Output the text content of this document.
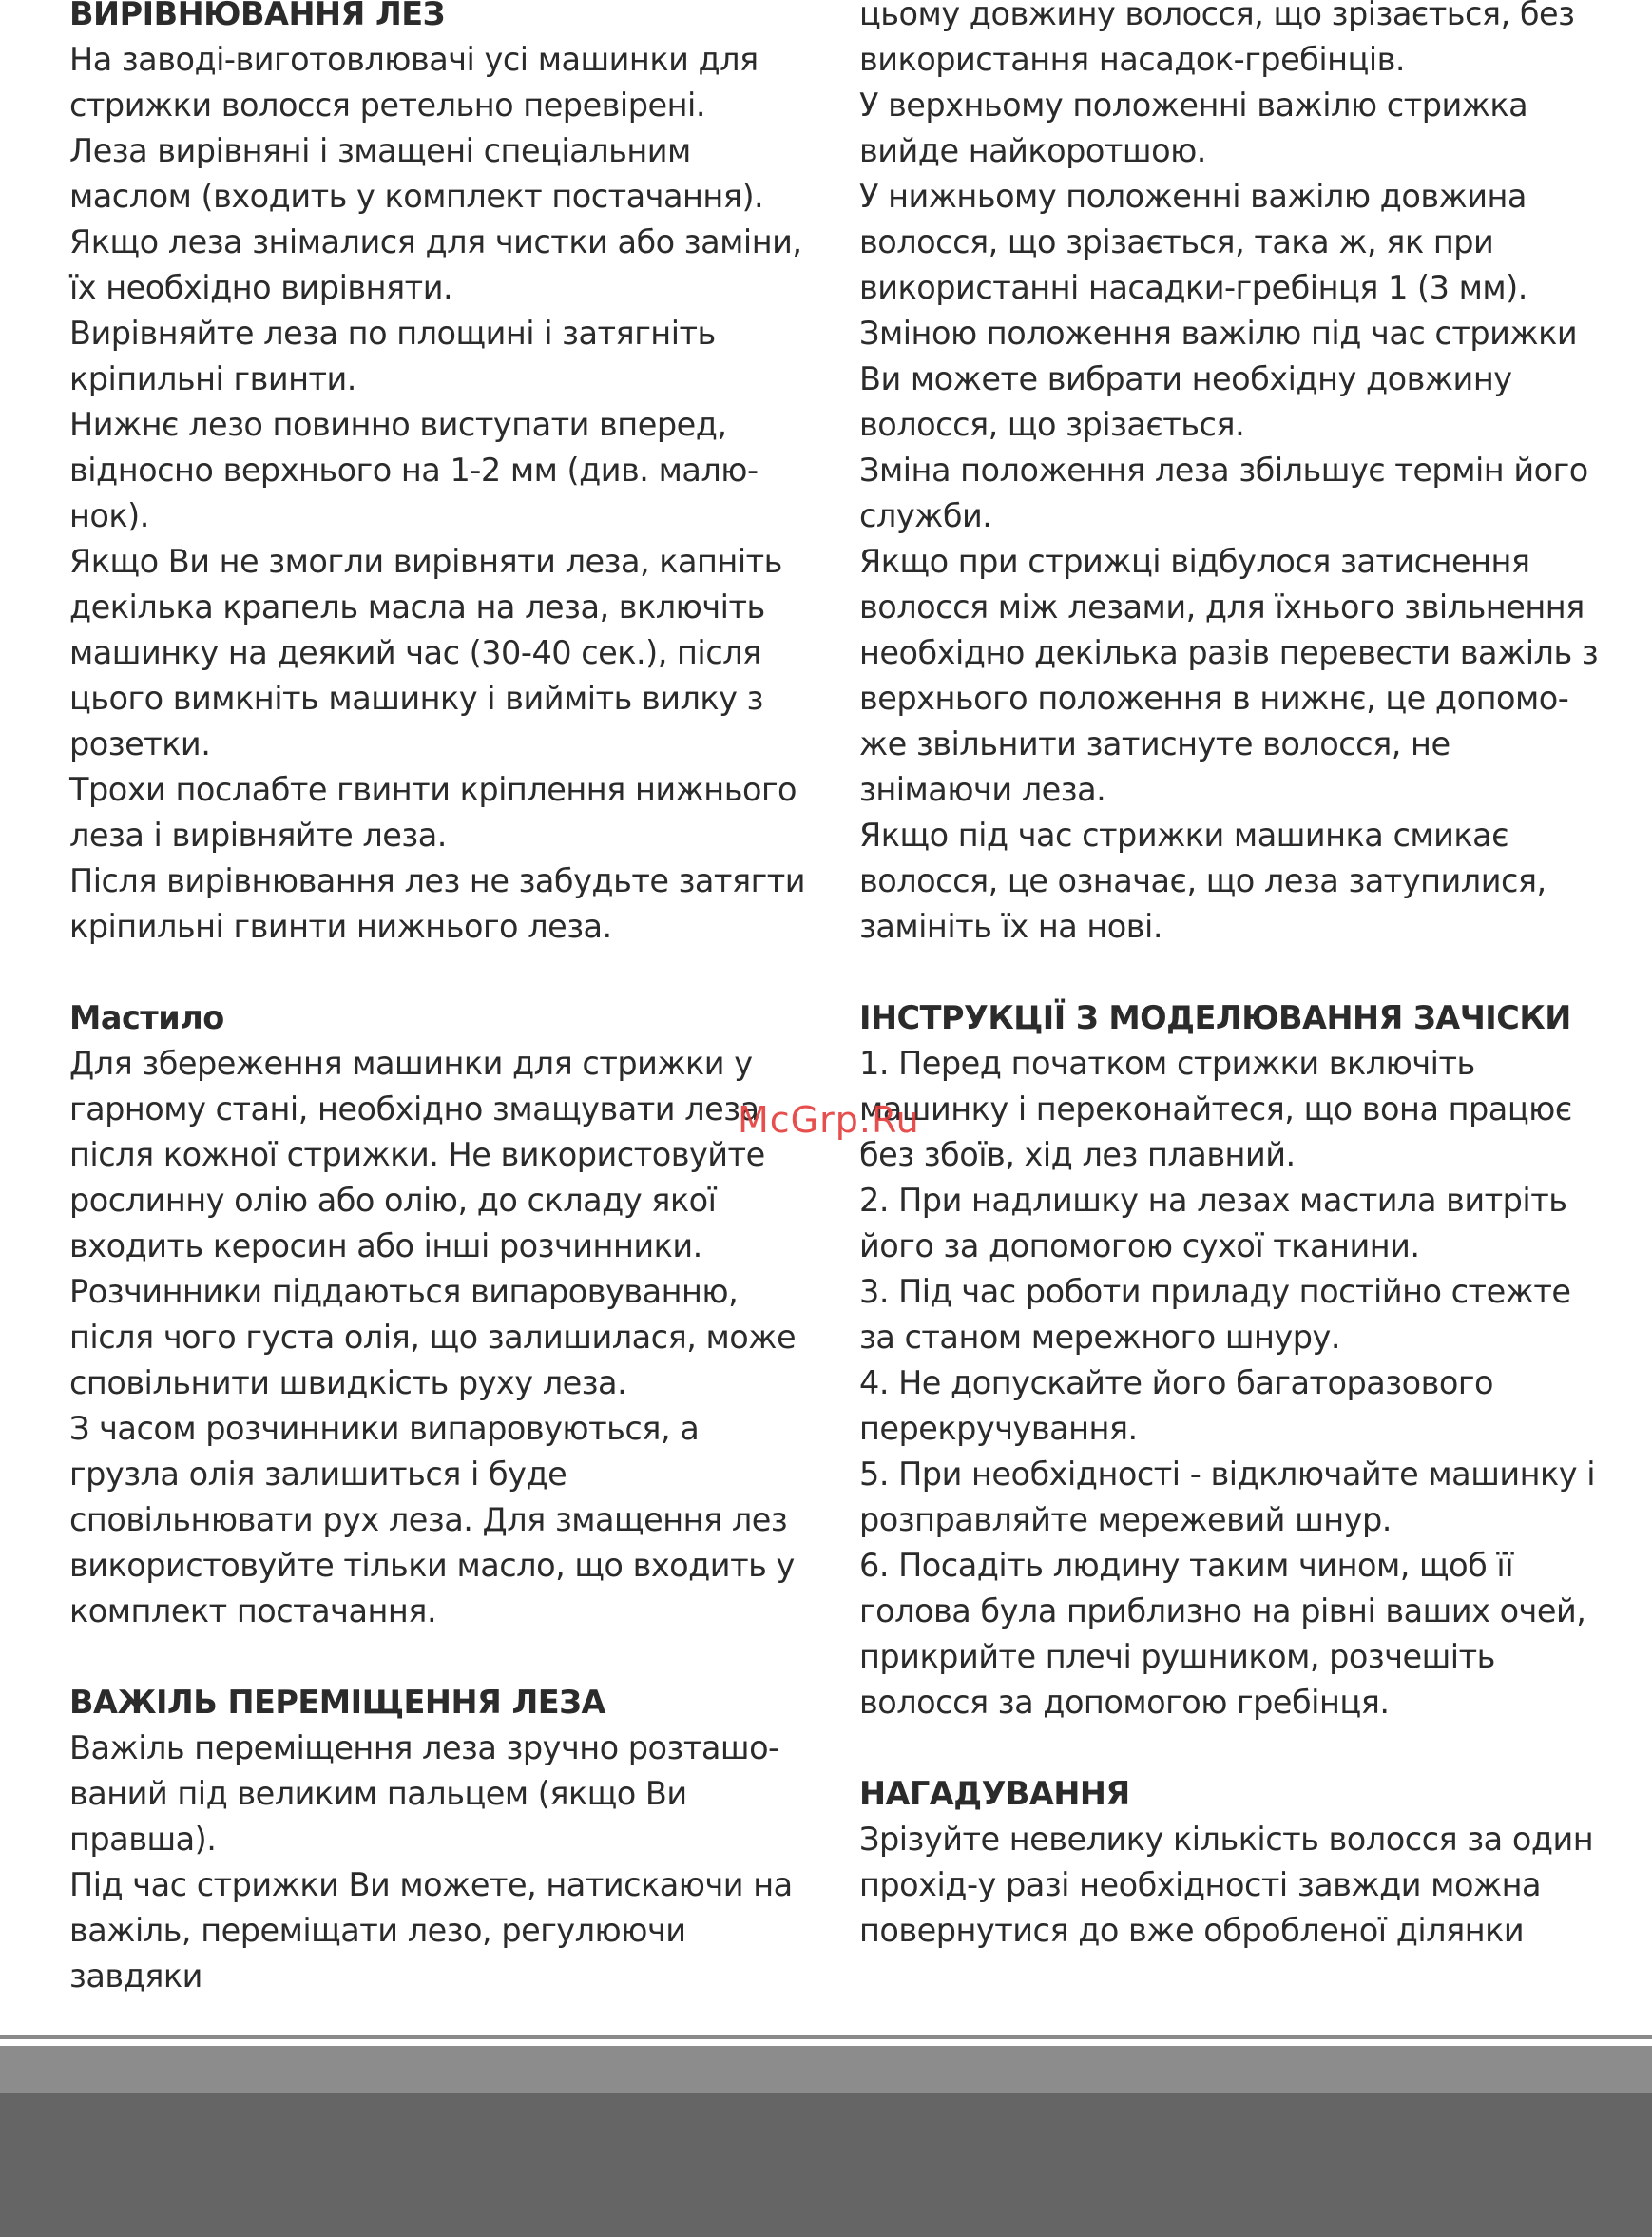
ВИРІВНЮВАННЯ ЛЕЗ
На заводі-виготовлювачі усі машинки для
стрижки волосся ретельно перевірені.
Леза вирівняні і змащені спеціальним
маслом (входить у комплект постачання).
Якщо леза знімалися для чистки або заміни,
їх необхідно вирівняти.
Вирівняйте леза по площині і затягніть
кріпильні гвинти.
Нижнє лезо повинно виступати вперед,
відносно верхнього на 1-2 мм (див. малю-
нок).
Якщо Ви не змогли вирівняти леза, капніть
декілька крапель масла на леза, включіть
машинку на деякий час (30-40 сек.), після
цього вимкніть машинку і вийміть вилку з
розетки.
Трохи послабте гвинти кріплення нижнього
леза і вирівняйте леза.
Після вирівнювання лез не забудьте затягти
кріпильні гвинти нижнього леза.
Мастило
Для збереження машинки для стрижки у
гарному стані, необхідно змащувати леза
після кожної стрижки. Не використовуйте
рослинну олію або олію, до складу якої
входить керосин або інші розчинники.
Розчинники піддаються випаровуванню,
після чого густа олія, що залишилася, може
сповільнити швидкість руху леза.
З часом розчинники випаровуються, а
грузла олія залишиться і буде
сповільнювати рух леза. Для змащення лез
використовуйте тільки масло, що входить у
комплект постачання.
ВАЖІЛЬ ПЕРЕМІЩЕННЯ ЛЕЗА
Важіль переміщення леза зручно розташо-
ваний під великим пальцем (якщо Ви
правша).
Під час стрижки Ви можете, натискаючи на
важіль, переміщати лезо, регулюючи
завдяки
цьому довжину волосся, що зрізається, без
використання насадок-гребінців.
У верхньому положенні важілю стрижка
вийде найкоротшою.
У нижньому положенні важілю довжина
волосся, що зрізається, така ж, як при
використанні насадки-гребінця 1 (3 мм).
Зміною положення важілю під час стрижки
Ви можете вибрати необхідну довжину
волосся, що зрізається.
Зміна положення леза збільшує термін його
служби.
Якщо при стрижці відбулося затиснення
волосся між лезами, для їхнього звільнення
необхідно декілька разів перевести важіль з
верхнього положення в нижнє, це допомо-
же звільнити затиснуте волосся, не
знімаючи леза.
Якщо під час стрижки машинка смикає
волосся, це означає, що леза затупилися,
замініть їх на нові.
ІНСТРУКЦІЇ З МОДЕЛЮВАННЯ ЗАЧІСКИ
1. Перед початком стрижки включіть
машинку і переконайтеся, що вона працює
без збоїв, хід лез плавний.
2. При надлишку на лезах мастила витріть
його за допомогою сухої тканини.
3. Під час роботи приладу постійно стежте
за станом мережного шнуру.
4. Не допускайте його багаторазового
перекручування.
5. При необхідності - відключайте машинку і
розправляйте мережевий шнур.
6. Посадіть людину таким чином, щоб її
голова була приблизно на рівні ваших очей,
прикрийте плечі рушником, розчешіть
волосся за допомогою гребінця.
НАГАДУВАННЯ
Зрізуйте невелику кількість волосся за один
прохід-у разі необхідності завжди можна
повернутися до вже обробленої ділянки
McGrp.Ru
